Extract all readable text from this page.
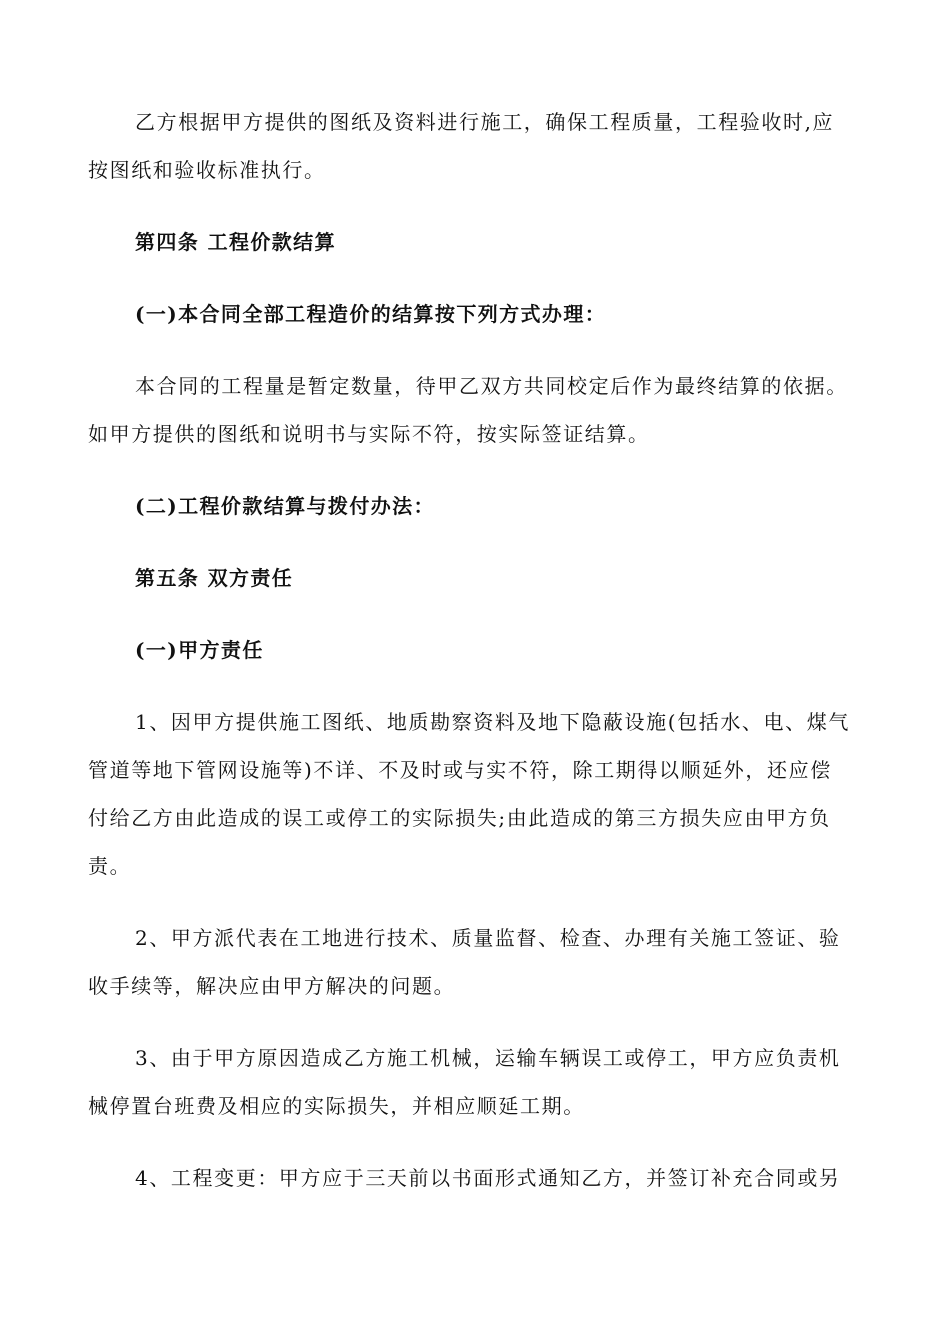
乙方根据甲方提供的图纸及资料进行施工，确保工程质量，工程验收时,应
按图纸和验收标准执行。
第四条 工程价款结算
(一)本合同全部工程造价的结算按下列方式办理：
本合同的工程量是暂定数量，待甲乙双方共同校定后作为最终结算的依据。
如甲方提供的图纸和说明书与实际不符，按实际签证结算。
(二)工程价款结算与拨付办法：
第五条 双方责任
(一)甲方责任
1、因甲方提供施工图纸、地质勘察资料及地下隐蔽设施(包括水、电、煤气
管道等地下管网设施等)不详、不及时或与实不符，除工期得以顺延外，还应偿
付给乙方由此造成的误工或停工的实际损失;由此造成的第三方损失应由甲方负
责。
2、甲方派代表在工地进行技术、质量监督、检查、办理有关施工签证、验
收手续等，解决应由甲方解决的问题。
3、由于甲方原因造成乙方施工机械，运输车辆误工或停工，甲方应负责机
械停置台班费及相应的实际损失，并相应顺延工期。
4、工程变更：甲方应于三天前以书面形式通知乙方，并签订补充合同或另
